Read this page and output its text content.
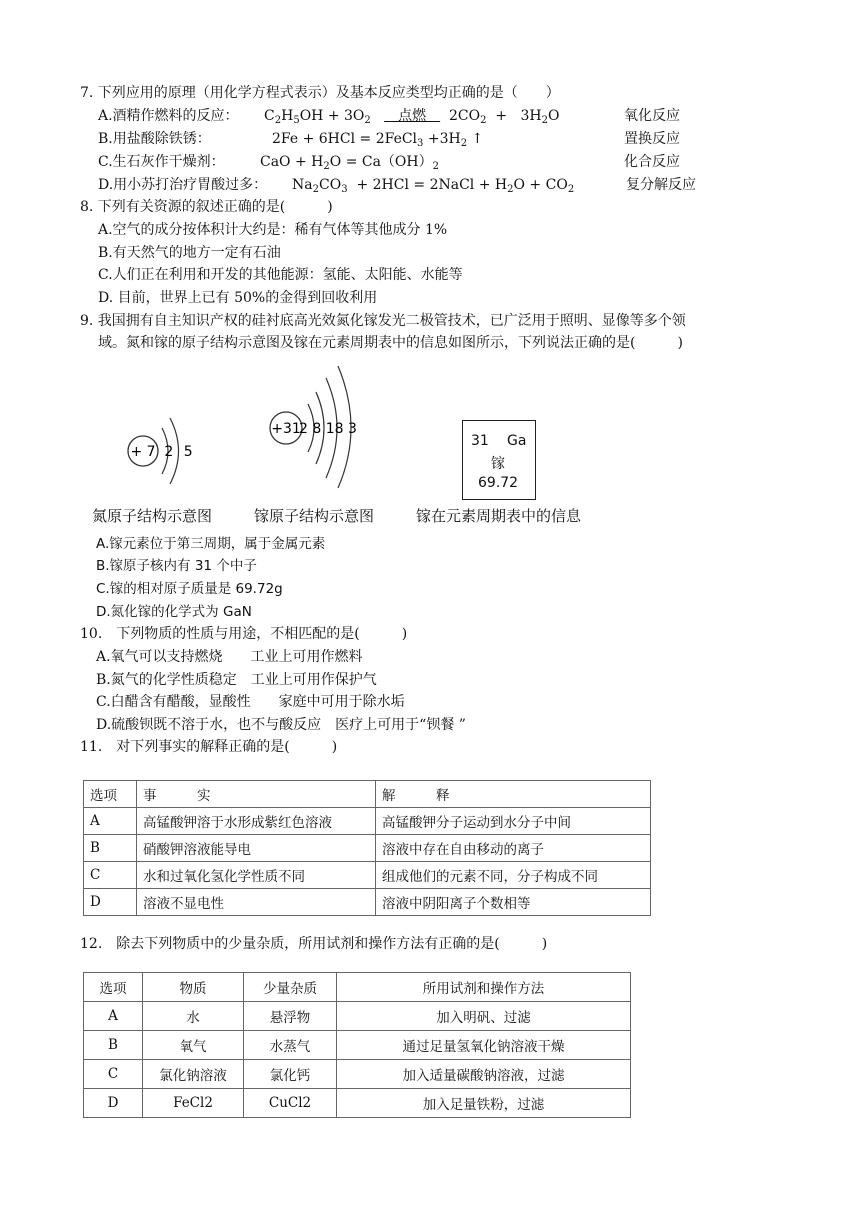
7. 下列应用的原理（用化学方程式表示）及基本反应类型均正确的是（　　）
A.酒精作燃料的反应： $C_2H_5OH + 3O_2$   　点燃　  $2CO_2 + 3H_2O$	氧化反应
B.用盐酸除铁锈：	2Fe + 6HCl = 2FeCl$_3$ $+3H_2$ ↑	置换反应
C.生石灰作干燥剂：	CaO + $H_2O = Ca(OH)_2$	化合反应
D.用小苏打治疗胃酸过多： $Na_2CO_3 + 2HCl$ = 2NaCl + $H_2O + CO_2$	复分解反应
8. 下列有关资源的叙述正确的是(　　　)
A.空气的成分按体积计大约是：稀有气体等其他成分 1%
B.有天然气的地方一定有石油
C.人们正在利用和开发的其他能源：氢能、太阳能、水能等
D. 目前，世界上已有 50%的金得到回收利用
9. 我国拥有自主知识产权的硅衬底高光效氮化镓发光二极管技术，已广泛用于照明、显像等多个领
域。氮和镓的原子结构示意图及镓在元素周期表中的信息如图所示，下列说法正确的是(　　　)
+ 7 2 5
氮原子结构示意图
+31
2 8 18 3
镓原子结构示意图
31 Ga
镓
69.72
镓在元素周期表中的信息
A.镓元素位于第三周期，属于金属元素
B.镓原子核内有 31 个中子
C.镓的相对原子质量是 69.72g
D.氮化镓的化学式为 GaN
10.　下列物质的性质与用途，不相匹配的是(　　　)
A.氧气可以支持燃烧　　工业上可用作燃料
B.氮气的化学性质稳定　工业上可用作保护气
C.白醋含有醋酸，显酸性　　家庭中可用于除水垢
D.硫酸钡既不溶于水，也不与酸反应　医疗上可用于“钡餐 ”
11.　对下列事实的解释正确的是(　　　)
选项	事　　　实	解　　　释
A	高锰酸钾溶于水形成紫红色溶液	高锰酸钾分子运动到水分子中间
B	硝酸钾溶液能导电	溶液中存在自由移动的离子
C	水和过氧化氢化学性质不同	组成他们的元素不同，分子构成不同
D	溶液不显电性	溶液中阴阳离子个数相等
12.　除去下列物质中的少量杂质，所用试剂和操作方法有正确的是(　　　)
选项	物质	少量杂质	所用试剂和操作方法
A	水	悬浮物	加入明矾、过滤
B	氧气	水蒸气	通过足量氢氧化钠溶液干燥
C	氯化钠溶液	氯化钙	加入适量碳酸钠溶液，过滤
D	FeCl2	CuCl2	加入足量铁粉，过滤
